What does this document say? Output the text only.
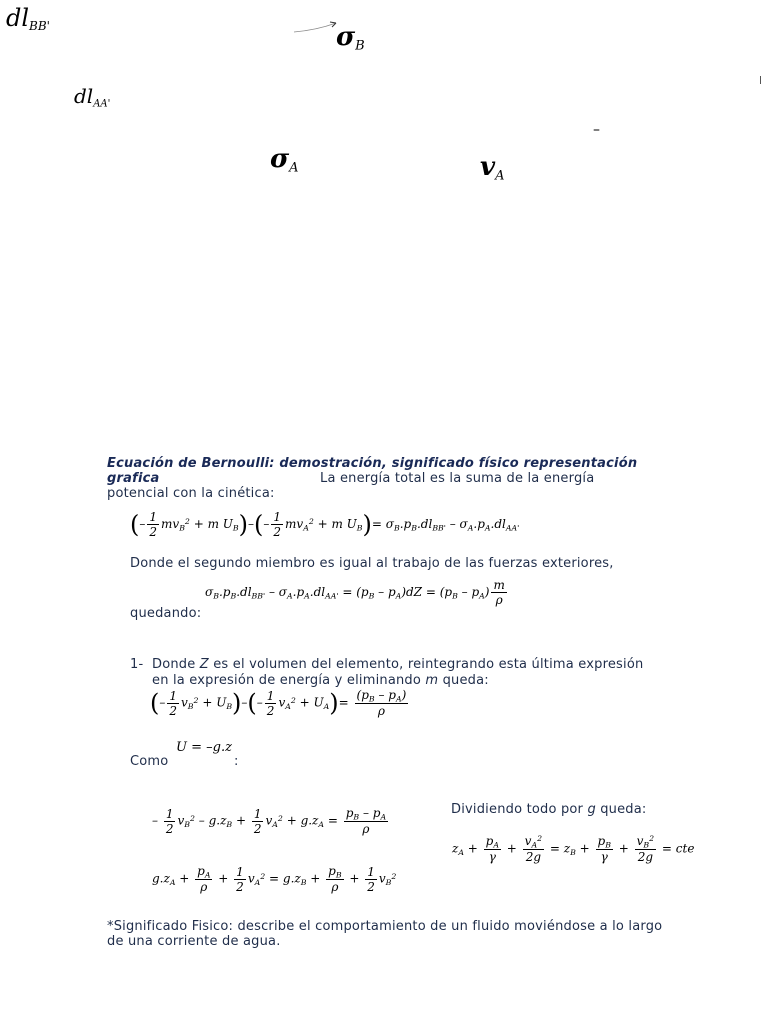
$dl_{BB'}$	$\sigma_B$
$dl_{AA'}$
–
$\sigma_A$	$v_A$
Ecuación de Bernoulli: demostración, significado físico representación
grafica	La energía total es la suma de la energía
potencial con la cinética:
(– $\frac{1}{2} mv_B^2 + m$ $U_B)-(- \frac{1}{2} mv_A^2 + m$ $U_B)= \sigma_B.p_B.dl_{BB'} - \sigma_A.p_A.dl_{AA'}$
Donde el segundo miembro es igual al trabajo de las fuerzas exteriores,
$\sigma_B.p_B.dl_{BB'} - \sigma_A.p_A.dl_{AA'} = (p_B - p_A)dZ = (p_B - p_A) \frac{m}{\rho}$
quedando:
1- Donde Z es el volumen del elemento, reintegrando esta última expresión
en la expresión de energía y eliminando m queda:
(– $\frac{1}{2} v_B^2 + U_B)-(- \frac{1}{2} v_A^2 + U_A)= \frac{(p_B - p_A)}{\rho}$
U = –g.z
Como	:
– $\frac{1}{2} v_B^2 - g.z_B + \frac{1}{2} v_A^2 + g.z_A = \frac{p_B - p_A}{\rho}$	Dividiendo todo por g queda:
$z_A + \frac{p_A}{\gamma} + \frac{v_A^2}{2g} = z_B + \frac{p_B}{\gamma} + \frac{v_B^2}{2g}$ = cte
$g.z_A + \frac{p_A}{\rho} + \frac{1}{2} v_A^2 = g.z_B + \frac{p_B}{\rho} + \frac{1}{2} v_B^2$
*Significado Fisico: describe el comportamiento de un fluido moviéndose a lo largo
de una corriente de agua.
